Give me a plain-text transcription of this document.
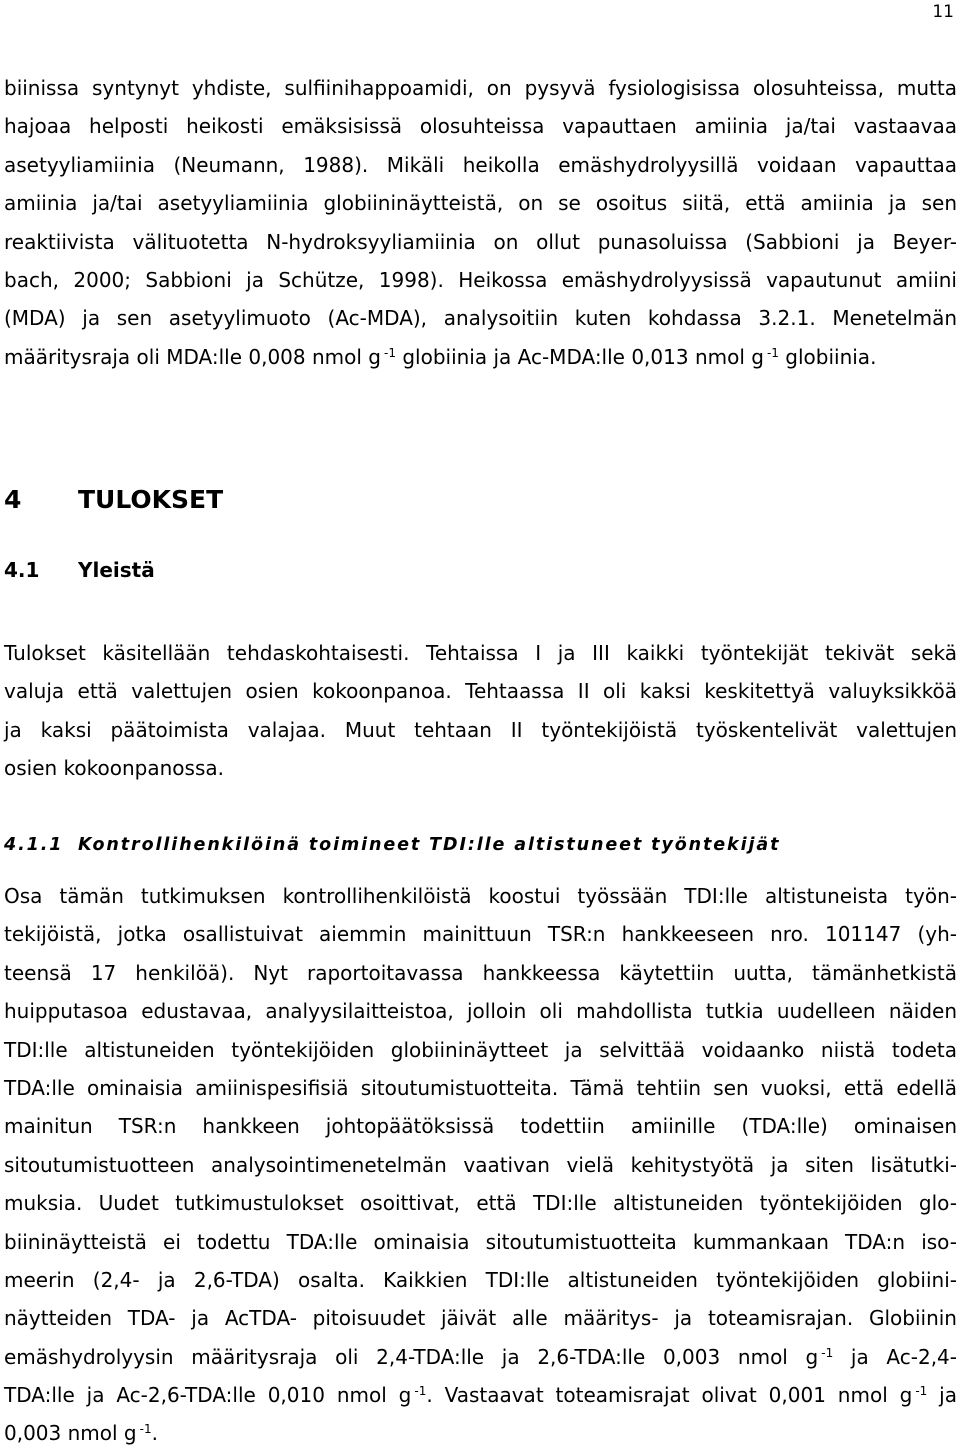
11
biinissa syntynyt yhdiste, sulfiinihappoamidi, on pysyvä fysiologisissa olosuhteissa, mutta
hajoaa helposti heikosti emäksisissä olosuhteissa vapauttaen amiinia ja/tai vastaavaa
asetyyliamiinia (Neumann, 1988). Mikäli heikolla emäshydrolyysillä voidaan vapauttaa
amiinia ja/tai asetyyliamiinia globiininäytteistä, on se osoitus siitä, että amiinia ja sen
reaktiivista välituotetta N-hydroksyyliamiinia on ollut punasoluissa (Sabbioni ja Beyer-
bach, 2000; Sabbioni ja Schütze, 1998). Heikossa emäshydrolyysissä vapautunut amiini
(MDA) ja sen asetyylimuoto (Ac-MDA), analysoitiin kuten kohdassa 3.2.1. Menetelmän
määritysraja oli MDA:lle 0,008 nmol g $^{-1}$ globiinia ja Ac-MDA:lle 0,013 nmol g $^{-1}$ globiinia.
4 TULOKSET
4.1 Yleistä
Tulokset käsitellään tehdaskohtaisesti. Tehtaissa I ja III kaikki työntekijät tekivät sekä
valuja että valettujen osien kokoonpanoa. Tehtaassa II oli kaksi keskitettyä valuyksikköä
ja kaksi päätoimista valajaa. Muut tehtaan II työntekijöistä työskentelivät valettujen
osien kokoonpanossa.
4.1.1 Kontrollihenkilöinä toimineet TDI:lle altistuneet työntekijät
Osa tämän tutkimuksen kontrollihenkilöistä koostui työssään TDI:lle altistuneista työn-
tekijöistä, jotka osallistuivat aiemmin mainittuun TSR:n hankkeeseen nro. 101147 (yh-
teensä 17 henkilöä). Nyt raportoitavassa hankkeessa käytettiin uutta, tämänhetkistä
huipputasoa edustavaa, analyysilaitteistoa, jolloin oli mahdollista tutkia uudelleen näiden
TDI:lle altistuneiden työntekijöiden globiininäytteet ja selvittää voidaanko niistä todeta
TDA:lle ominaisia amiinispesifisiä sitoutumistuotteita. Tämä tehtiin sen vuoksi, että edellä
mainitun TSR:n hankkeen johtopäätöksissä todettiin amiinille (TDA:lle) ominaisen
sitoutumistuotteen analysointimenetelmän vaativan vielä kehitystyötä ja siten lisätutki-
muksia. Uudet tutkimustulokset osoittivat, että TDI:lle altistuneiden työntekijöiden glo-
biininäytteistä ei todettu TDA:lle ominaisia sitoutumistuotteita kummankaan TDA:n iso-
meerin (2,4- ja 2,6-TDA) osalta. Kaikkien TDI:lle altistuneiden työntekijöiden globiini-
näytteiden TDA- ja AcTDA- pitoisuudet jäivät alle määritys- ja toteamisrajan. Globiinin
emäshydrolyysin määritysraja oli 2,4-TDA:lle ja 2,6-TDA:lle 0,003 nmol g $^{-1}$ ja Ac-2,4-
TDA:lle ja Ac-2,6-TDA:lle 0,010 nmol g $^{-1}$. Vastaavat toteamisrajat olivat 0,001 nmol g $^{-1}$ ja
0,003 nmol g $^{-1}$.
